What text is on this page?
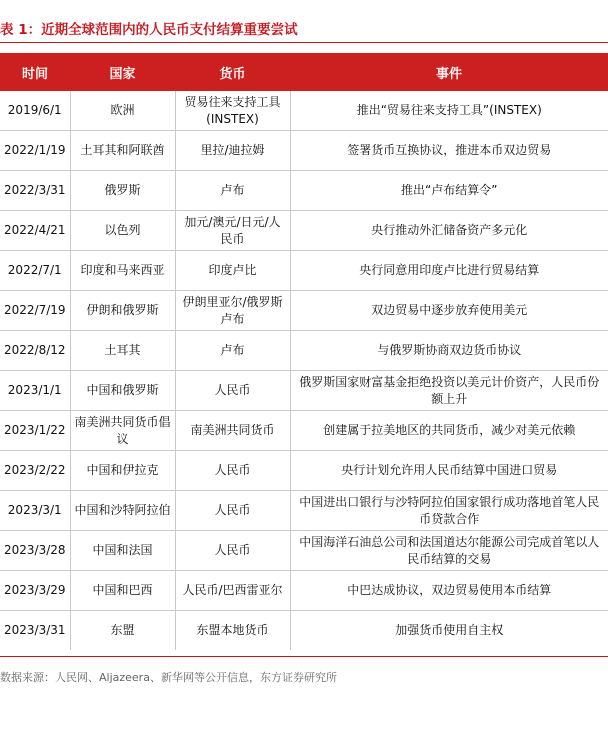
表 1：近期全球范围内的人民币支付结算重要尝试
时间	国家	货币	事件
2019/6/1	欧洲	贸易往来支持工具(INSTEX)	推出“贸易往来支持工具”(INSTEX)
2022/1/19	土耳其和阿联酋	里拉/迪拉姆	签署货币互换协议，推进本币双边贸易
2022/3/31	俄罗斯	卢布	推出“卢布结算令”
2022/4/21	以色列	加元/澳元/日元/人民币	央行推动外汇储备资产多元化
2022/7/1	印度和马来西亚	印度卢比	央行同意用印度卢比进行贸易结算
2022/7/19	伊朗和俄罗斯	伊朗里亚尔/俄罗斯卢布	双边贸易中逐步放弃使用美元
2022/8/12	土耳其	卢布	与俄罗斯协商双边货币协议
2023/1/1	中国和俄罗斯	人民币	俄罗斯国家财富基金拒绝投资以美元计价资产，人民币份额上升
2023/1/22	南美洲共同货币倡议	南美洲共同货币	创建属于拉美地区的共同货币，减少对美元依赖
2023/2/22	中国和伊拉克	人民币	央行计划允许用人民币结算中国进口贸易
2023/3/1	中国和沙特阿拉伯	人民币	中国进出口银行与沙特阿拉伯国家银行成功落地首笔人民币贷款合作
2023/3/28	中国和法国	人民币	中国海洋石油总公司和法国道达尔能源公司完成首笔以人民币结算的交易
2023/3/29	中国和巴西	人民币/巴西雷亚尔	中巴达成协议，双边贸易使用本币结算
2023/3/31	东盟	东盟本地货币	加强货币使用自主权
数据来源：人民网、Aljazeera、新华网等公开信息，东方证券研究所
